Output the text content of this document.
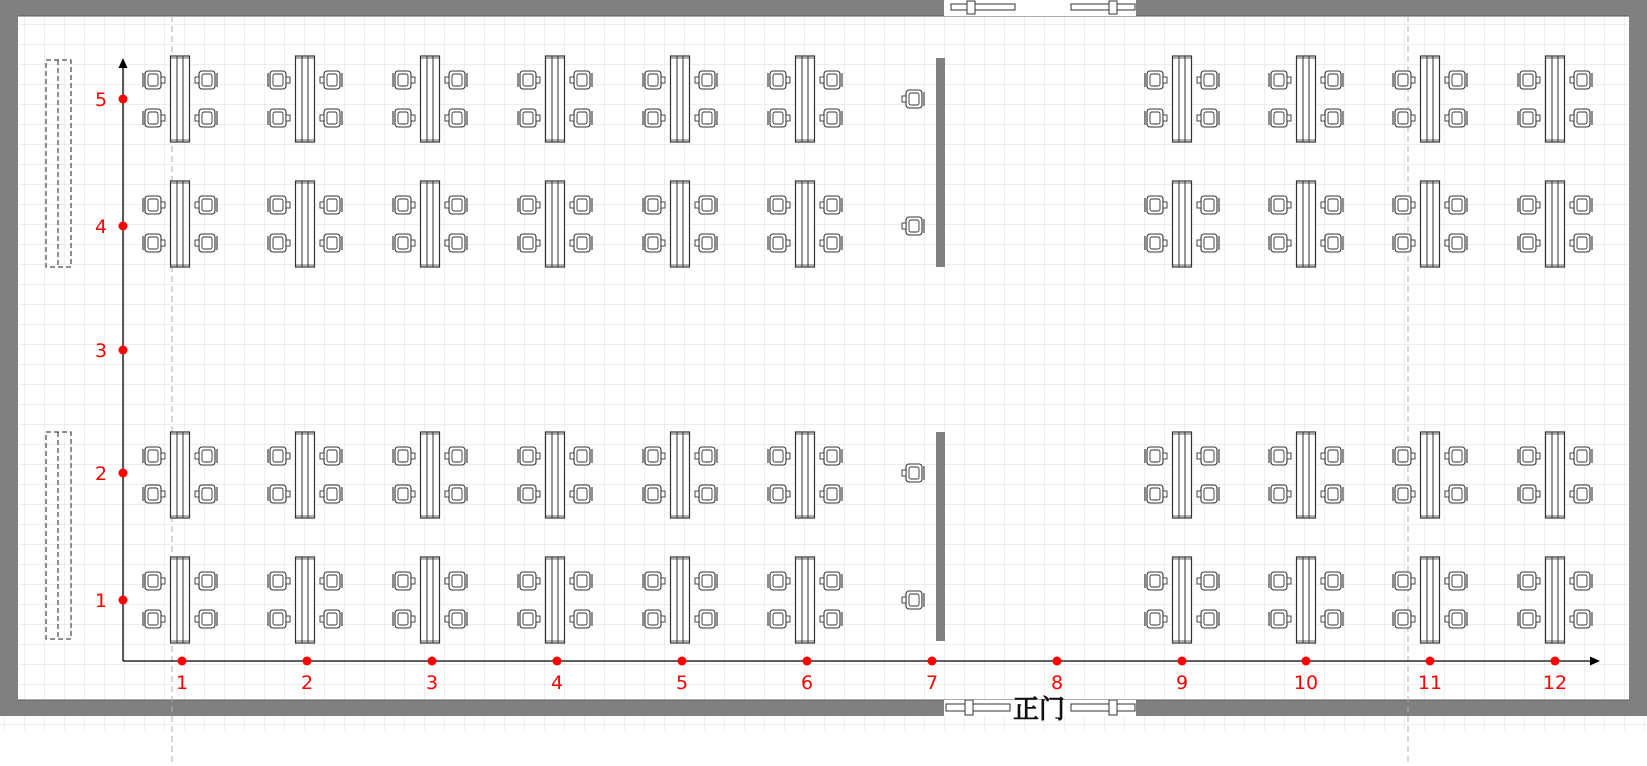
正门
1	2	3	4	5	6	7	8	9	10	11	12
1
2
3
4
5
